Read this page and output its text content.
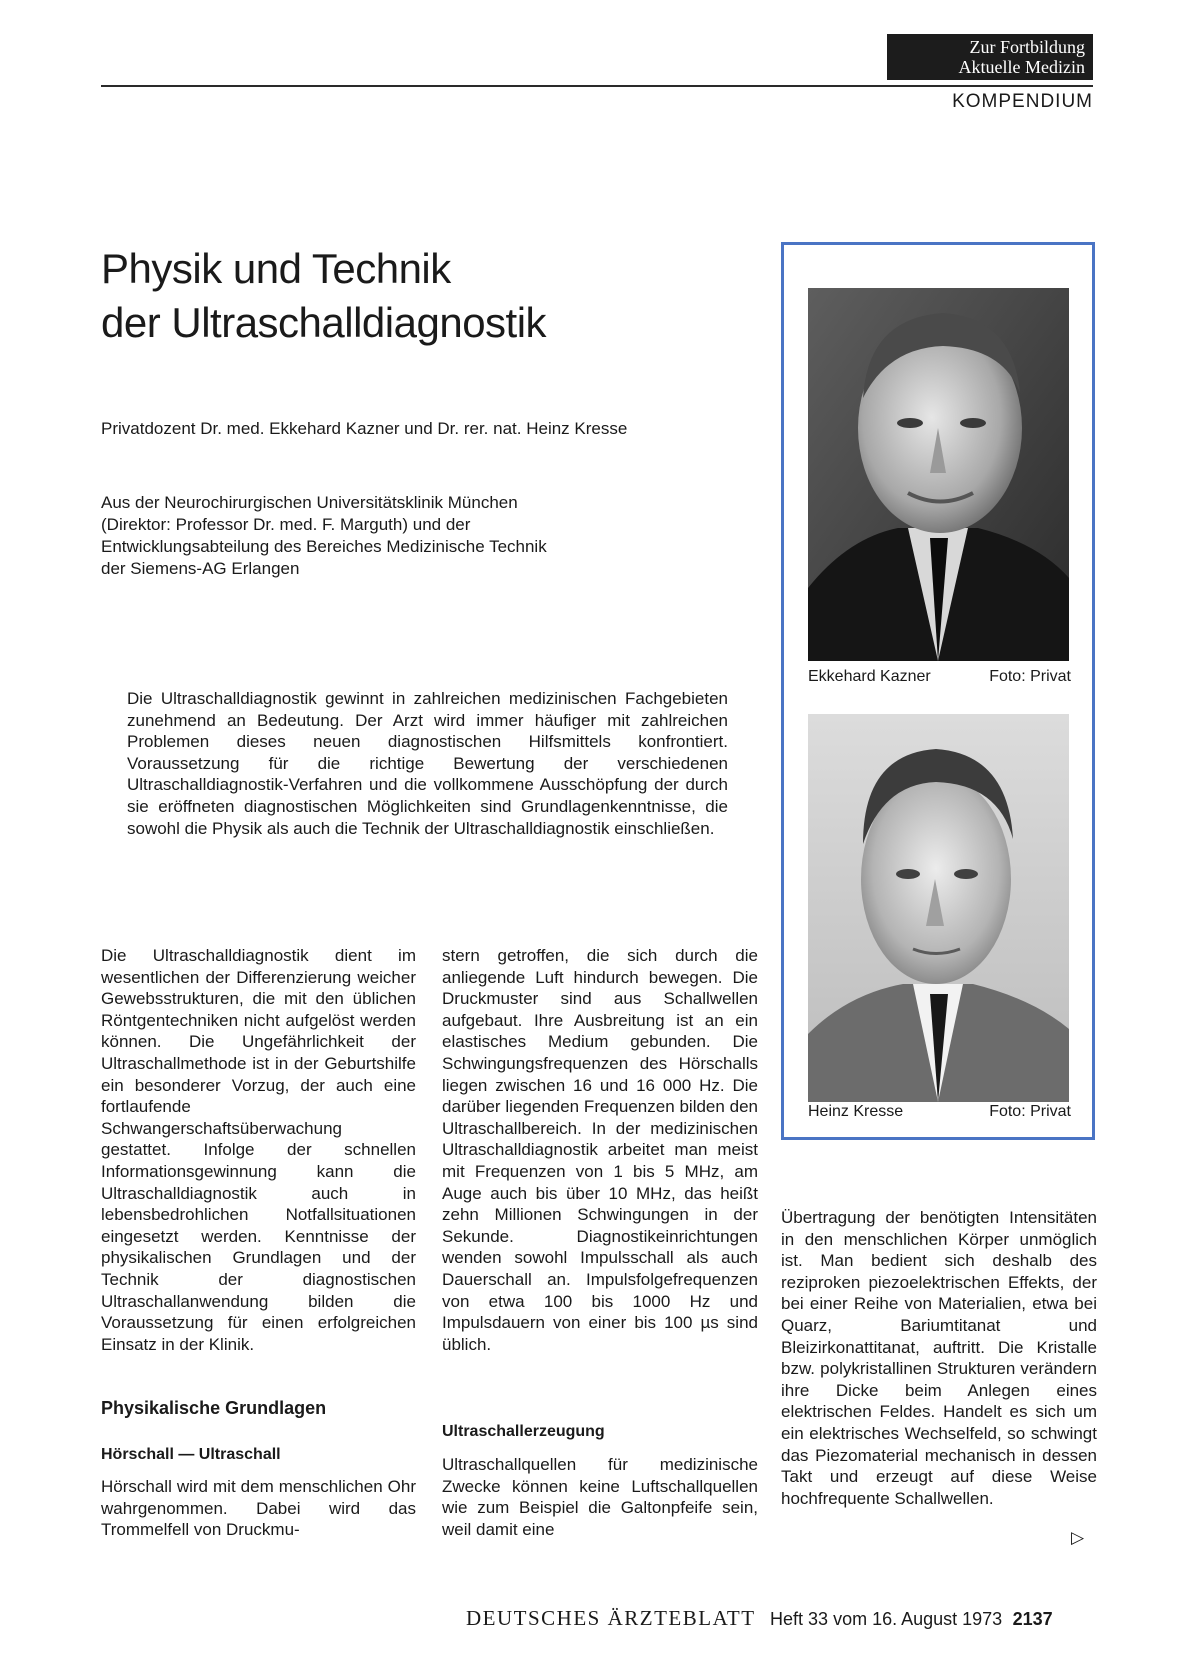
Zur Fortbildung
Aktuelle Medizin
KOMPENDIUM
Physik und Technik
der Ultraschalldiagnostik
Privatdozent Dr. med. Ekkehard Kazner und Dr. rer. nat. Heinz Kresse
Aus der Neurochirurgischen Universitätsklinik München
(Direktor: Professor Dr. med. F. Marguth) und der
Entwicklungsabteilung des Bereiches Medizinische Technik
der Siemens-AG Erlangen
Die Ultraschalldiagnostik gewinnt in zahlreichen medizinischen Fachgebieten zunehmend an Bedeutung. Der Arzt wird immer häufiger mit zahlreichen Problemen dieses neuen diagnostischen Hilfsmittels konfrontiert. Voraussetzung für die richtige Bewertung der verschiedenen Ultraschalldiagnostik-Verfahren und die vollkommene Ausschöpfung der durch sie eröffneten diagnostischen Möglichkeiten sind Grundlagenkenntnisse, die sowohl die Physik als auch die Technik der Ultraschalldiagnostik einschließen.
Ekkehard Kazner	Foto: Privat
Heinz Kresse	Foto: Privat

Die Ultraschalldiagnostik dient im wesentlichen der Differenzierung weicher Gewebsstrukturen, die mit den üblichen Röntgentechniken nicht aufgelöst werden können. Die Ungefährlichkeit der Ultraschallmethode ist in der Geburtshilfe ein besonderer Vorzug, der auch eine fortlaufende Schwangerschaftsüberwachung gestattet. Infolge der schnellen Informationsgewinnung kann die Ultraschalldiagnostik auch in lebensbedrohlichen Notfallsituationen eingesetzt werden. Kenntnisse der physikalischen Grundlagen und der Technik der diagnostischen Ultraschallanwendung bilden die Voraussetzung für einen erfolgreichen Einsatz in der Klinik.

Physikalische Grundlagen
Hörschall — Ultraschall

Hörschall wird mit dem menschlichen Ohr wahrgenommen. Dabei wird das Trommelfell von Druckmu-

stern getroffen, die sich durch die anliegende Luft hindurch bewegen. Die Druckmuster sind aus Schallwellen aufgebaut. Ihre Ausbreitung ist an ein elastisches Medium gebunden. Die Schwingungsfrequenzen des Hörschalls liegen zwischen 16 und 16 000 Hz. Die darüber liegenden Frequenzen bilden den Ultraschallbereich. In der medizinischen Ultraschalldiagnostik arbeitet man meist mit Frequenzen von 1 bis 5 MHz, am Auge auch bis über 10 MHz, das heißt zehn Millionen Schwingungen in der Sekunde. Diagnostikeinrichtungen wenden sowohl Impulsschall als auch Dauerschall an. Impulsfolgefrequenzen von etwa 100 bis 1000 Hz und Impulsdauern von einer bis 100 µs sind üblich.

Ultraschallerzeugung

Ultraschallquellen für medizinische Zwecke können keine Luftschallquellen wie zum Beispiel die Galtonpfeife sein, weil damit eine

Übertragung der benötigten Intensitäten in den menschlichen Körper unmöglich ist. Man bedient sich deshalb des reziproken piezoelektrischen Effekts, der bei einer Reihe von Materialien, etwa bei Quarz, Bariumtitanat und Bleizirkonattitanat, auftritt. Die Kristalle bzw. polykristallinen Strukturen verändern ihre Dicke beim Anlegen eines elektrischen Feldes. Handelt es sich um ein elektrisches Wechselfeld, so schwingt das Piezomaterial mechanisch in dessen Takt und erzeugt auf diese Weise hochfrequente Schallwellen.

▷
DEUTSCHES ÄRZTEBLATT Heft 33 vom 16. August 1973 2137
